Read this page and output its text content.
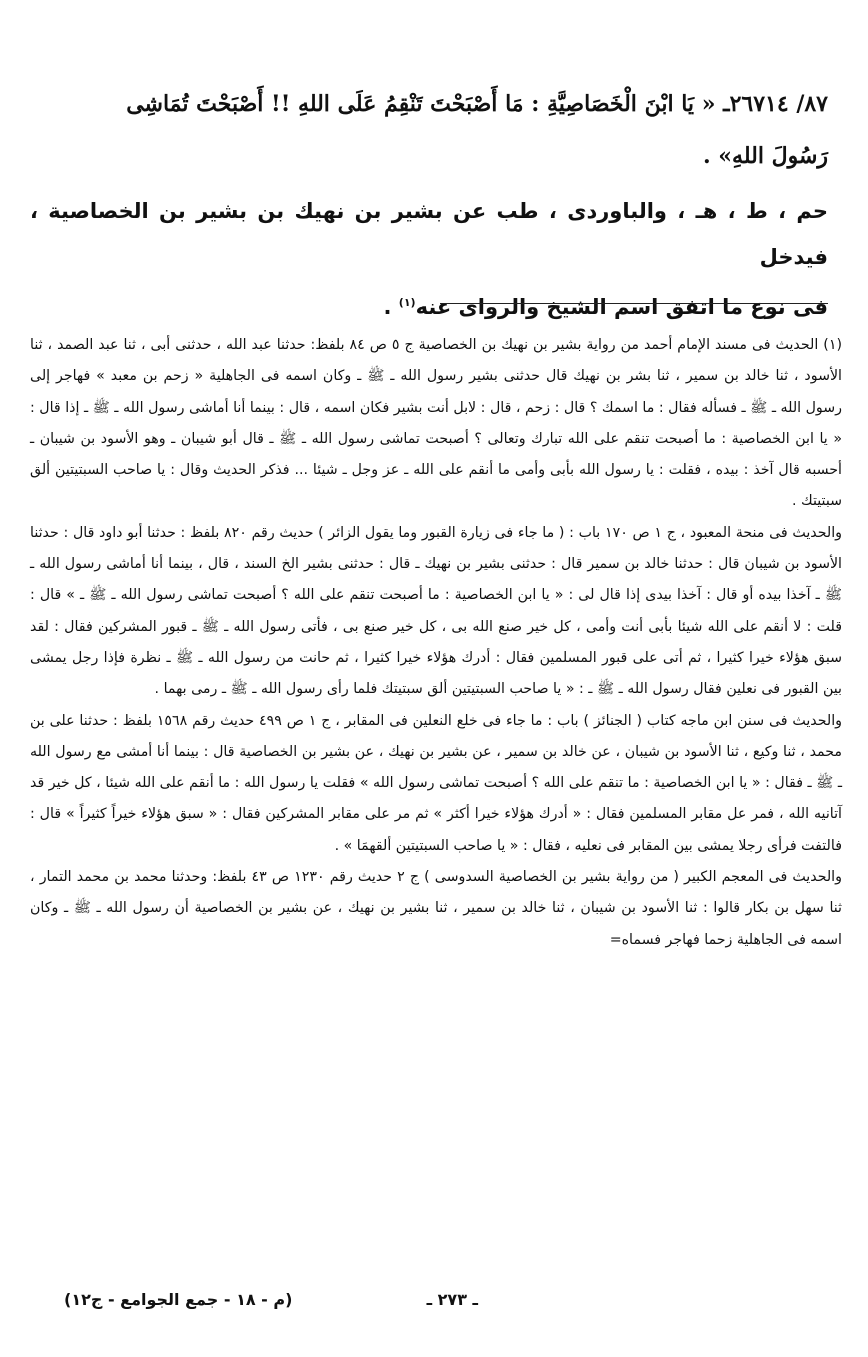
٨٧/ ٢٦٧١٤ـ « يَا ابْنَ الْخَصَاصِيَّةِ : مَا أَصْبَحْتَ تَنْقِمُ عَلَى اللهِ !! أَصْبَحْتَ تُمَاشِى
رَسُولَ اللهِ» .

حم ، ط ، هـ ، والباوردى ، طب عن بشير بن نهيك بن بشير بن الخصاصية ، فيدخل
فى نوع ما اتفق اسم الشيخ والرواى عنه$^{(١)}$ .

(١) الحديث فى مسند الإمام أحمد من رواية بشير بن نهيك بن الخصاصية ج ٥ ص ٨٤ بلفظ: حدثنا عبد الله ، حدثنى أبى ، ثنا عبد الصمد ، ثنا الأسود ، ثنا خالد بن سمير ، ثنا بشر بن نهيك قال حدثنى بشير رسول الله ـ ﷺ ـ وكان اسمه فى الجاهلية « زحم بن معبد » فهاجر إلى رسول الله ـ ﷺ ـ فسأله فقال : ما اسمك ؟ قال : زحم ، قال : لابل أنت بشير فكان اسمه ، قال : بينما أنا أماشى رسول الله ـ ﷺ ـ إذا قال : « يا ابن الخصاصية : ما أصبحت تنقم على الله تبارك وتعالى ؟ أصبحت تماشى رسول الله ـ ﷺ ـ قال أبو شيبان ـ وهو الأسود بن شيبان ـ أحسبه قال آخذ : بيده ، فقلت : يا رسول الله بأبى وأمى ما أنقم على الله ـ عز وجل ـ شيئا ... فذكر الحديث وقال : يا صاحب السبتيتين ألق سبتيتك .

والحديث فى منحة المعبود ، ج ١ ص ١٧٠ باب : ( ما جاء فى زيارة القبور وما يقول الزائر ) حديث رقم ٨٢٠ بلفظ : حدثنا أبو داود قال : حدثنا الأسود بن شيبان قال : حدثنا خالد بن سمير قال : حدثنى بشير بن نهيك ـ قال : حدثنى بشير الخ السند ، قال ، بينما أنا أماشى رسول الله ـ ﷺ ـ آخذا بيده أو قال : آخذا بيدى إذا قال لى : « يا ابن الخصاصية : ما أصبحت تنقم على الله ؟ أصبحت تماشى رسول الله ـ ﷺ ـ » قال : قلت : لا أنقم على الله شيئا بأبى أنت وأمى ، كل خير صنع الله بى ، كل خير صنع بى ، فأتى رسول الله ـ ﷺ ـ قبور المشركين فقال : لقد سبق هؤلاء خيرا كثيرا ، ثم أتى على قبور المسلمين فقال : أدرك هؤلاء خيرا كثيرا ، ثم حانت من رسول الله ـ ﷺ ـ نظرة فإذا رجل يمشى بين القبور فى نعلين فقال رسول الله ـ ﷺ ـ : « يا صاحب السبتيتين ألق سبتيتك فلما رأى رسول الله ـ ﷺ ـ رمى بهما .

والحديث فى سنن ابن ماجه كتاب ( الجنائز ) باب : ما جاء فى خلع النعلين فى المقابر ، ج ١ ص ٤٩٩ حديث رقم ١٥٦٨ بلفظ : حدثنا على بن محمد ، ثنا وكيع ، ثنا الأسود بن شيبان ، عن خالد بن سمير ، عن بشير بن نهيك ، عن بشير بن الخصاصية قال : بينما أنا أمشى مع رسول الله ـ ﷺ ـ فقال : « يا ابن الخصاصية : ما تنقم على الله ؟ أصبحت تماشى رسول الله » فقلت يا رسول الله : ما أنقم على الله شيئا ، كل خير قد آتانيه الله ، فمر عل مقابر المسلمين فقال : « أدرك هؤلاء خيرا أكثر » ثم مر على مقابر المشركين فقال : « سبق هؤلاء خيراً كثيراً » قال : فالتفت فرأى رجلا يمشى بين المقابر فى نعليه ، فقال : « يا صاحب السبتيتين ألقهمَا » .

والحديث فى المعجم الكبير ( من رواية بشير بن الخصاصية السدوسى ) ج ٢ حديث رقم ١٢٣٠ ص ٤٣ بلفظ: وحدثنا محمد بن محمد التمار ، ثنا سهل بن بكار قالوا : ثنا الأسود بن شيبان ، ثنا خالد بن سمير ، ثنا بشير بن نهيك ، عن بشير بن الخصاصية أن رسول الله ـ ﷺ ـ وكان اسمه فى الجاهلية زحما فهاجر فسماه=

ـ ٢٧٣ ـ
(م - ١٨ - جمع الجوامع - ج١٢)
